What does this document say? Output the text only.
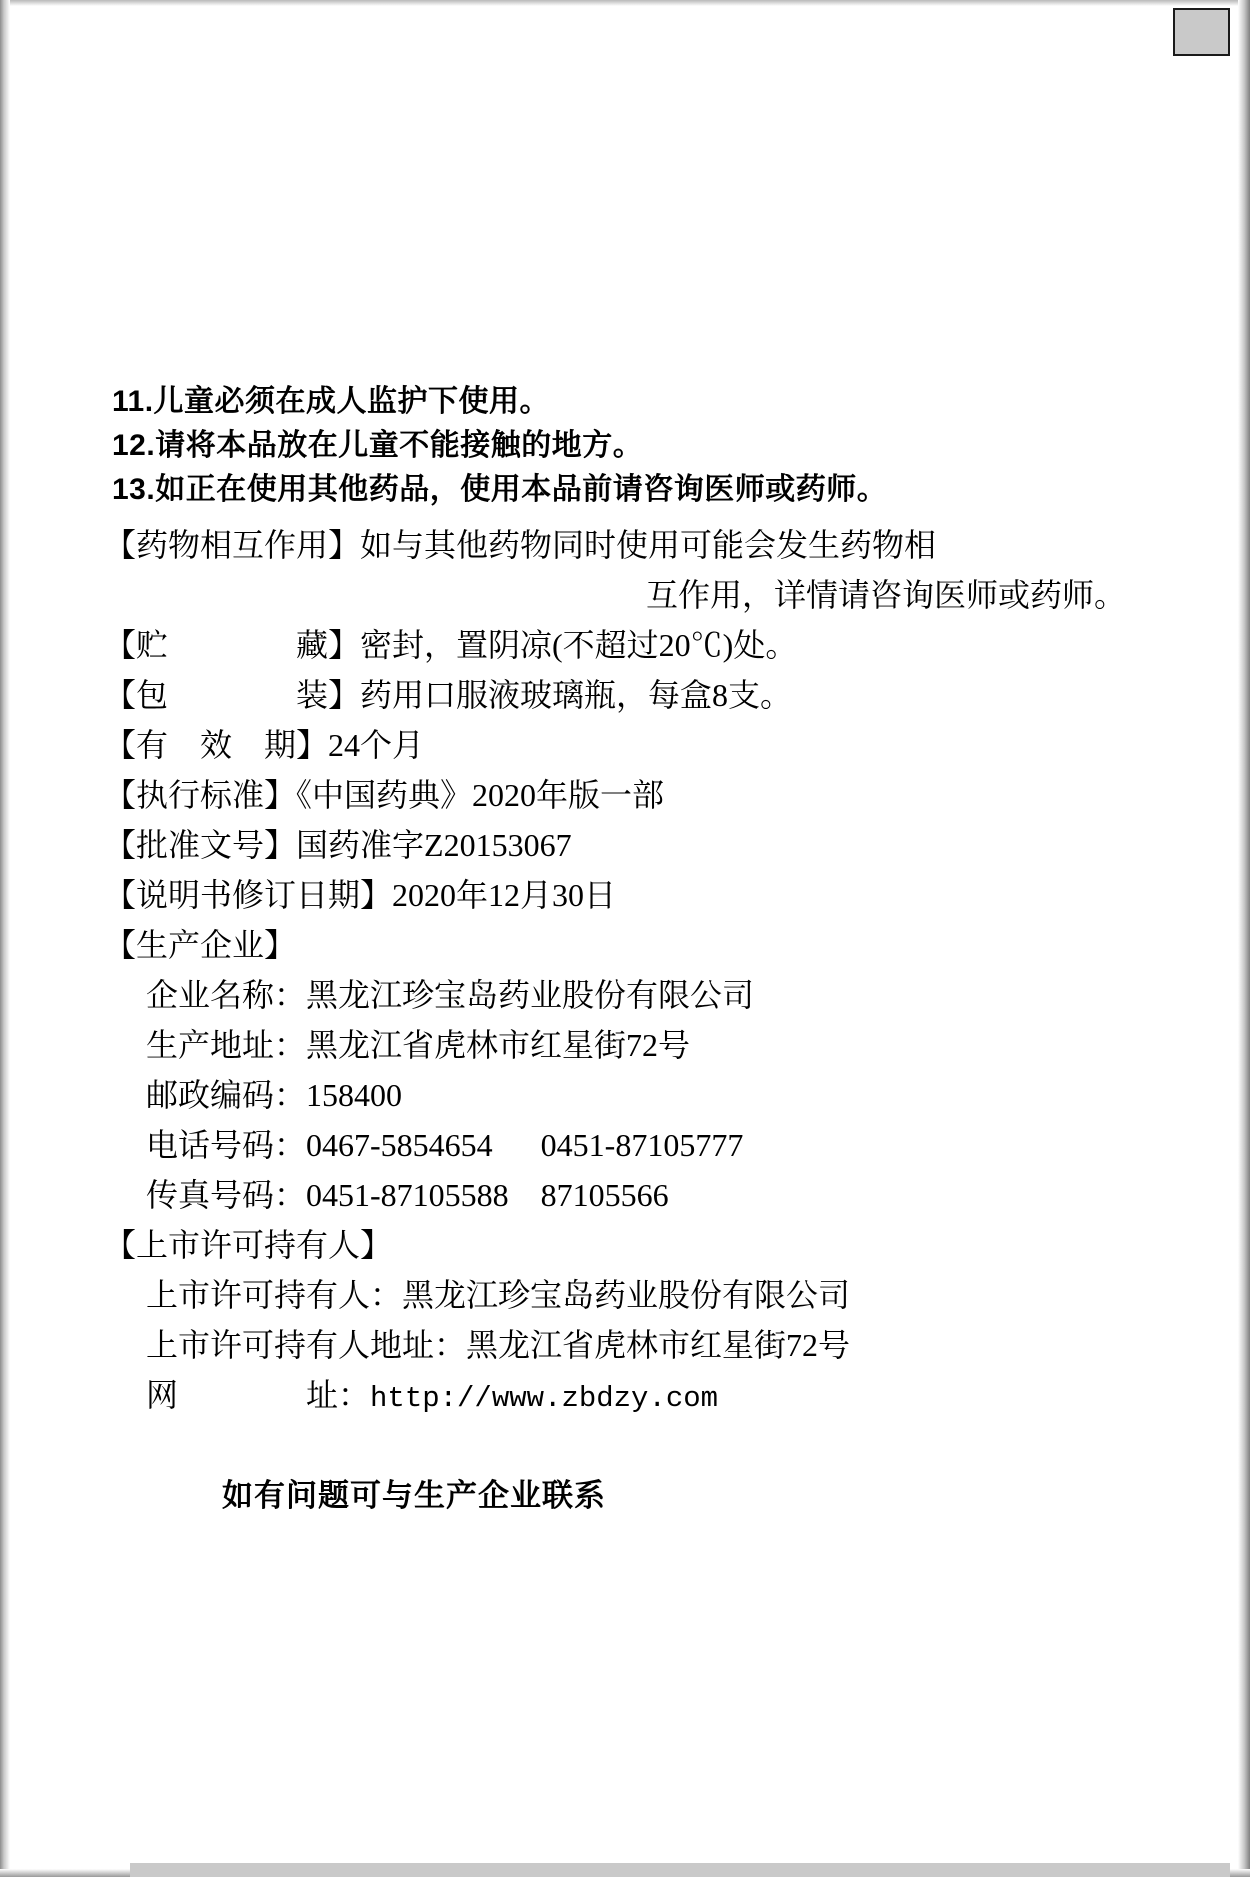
11.儿童必须在成人监护下使用。
12.请将本品放在儿童不能接触的地方。
13.如正在使用其他药品，使用本品前请咨询医师或药师。
【药物相互作用】如与其他药物同时使用可能会发生药物相
互作用，详情请咨询医师或药师。
【贮　　　　藏】密封，置阴凉(不超过20℃)处。
【包　　　　装】药用口服液玻璃瓶，每盒8支。
【有　效　期】24个月
【执行标准】《中国药典》2020年版一部
【批准文号】国药准字Z20153067
【说明书修订日期】2020年12月30日
【生产企业】
企业名称：黑龙江珍宝岛药业股份有限公司
生产地址：黑龙江省虎林市红星街72号
邮政编码：158400
电话号码：0467-5854654 0451-87105777
传真号码：0451-87105588 87105566
【上市许可持有人】
上市许可持有人：黑龙江珍宝岛药业股份有限公司
上市许可持有人地址：黑龙江省虎林市红星街72号
网　　　　址：http://www.zbdzy.com
如有问题可与生产企业联系
